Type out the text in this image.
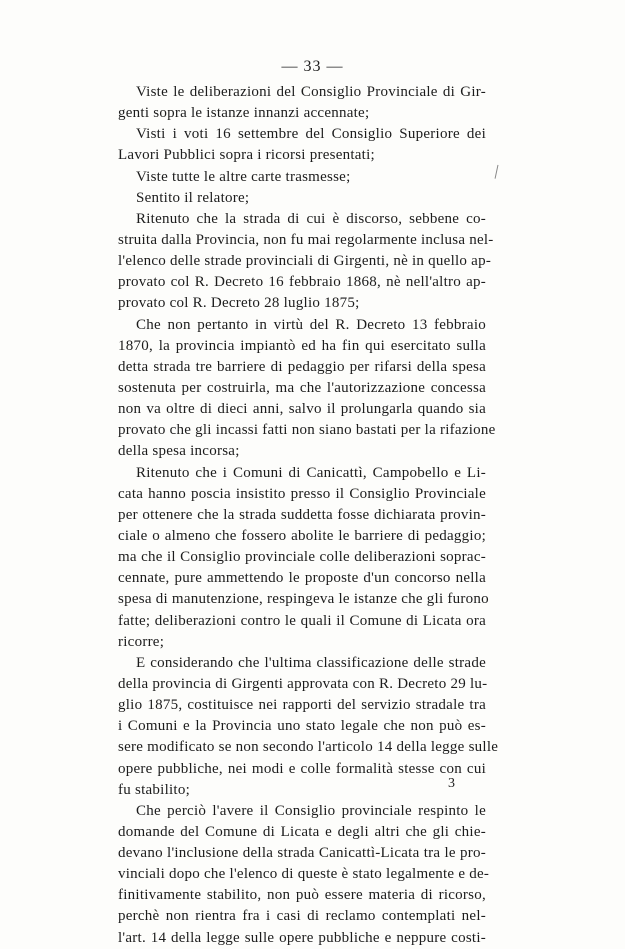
— 33 —
Viste le deliberazioni del Consiglio Provinciale di Gir-
genti sopra le istanze innanzi accennate;
Visti i voti 16 settembre del Consiglio Superiore dei
Lavori Pubblici sopra i ricorsi presentati;
Viste tutte le altre carte trasmesse;
Sentito il relatore;
Ritenuto che la strada di cui è discorso, sebbene co-
struita dalla Provincia, non fu mai regolarmente inclusa nel-
l'elenco delle strade provinciali di Girgenti, nè in quello ap-
provato col R. Decreto 16 febbraio 1868, nè nell'altro ap-
provato col R. Decreto 28 luglio 1875;
Che non pertanto in virtù del R. Decreto 13 febbraio
1870, la provincia impiantò ed ha fin qui esercitato sulla
detta strada tre barriere di pedaggio per rifarsi della spesa
sostenuta per costruirla, ma che l'autorizzazione concessa
non va oltre di dieci anni, salvo il prolungarla quando sia
provato che gli incassi fatti non siano bastati per la rifazione
della spesa incorsa;
Ritenuto che i Comuni di Canicattì, Campobello e Li-
cata hanno poscia insistito presso il Consiglio Provinciale
per ottenere che la strada suddetta fosse dichiarata provin-
ciale o almeno che fossero abolite le barriere di pedaggio;
ma che il Consiglio provinciale colle deliberazioni soprac-
cennate, pure ammettendo le proposte d'un concorso nella
spesa di manutenzione, respingeva le istanze che gli furono
fatte; deliberazioni contro le quali il Comune di Licata ora
ricorre;
E considerando che l'ultima classificazione delle strade
della provincia di Girgenti approvata con R. Decreto 29 lu-
glio 1875, costituisce nei rapporti del servizio stradale tra
i Comuni e la Provincia uno stato legale che non può es-
sere modificato se non secondo l'articolo 14 della legge sulle
opere pubbliche, nei modi e colle formalità stesse con cui
fu stabilito;
Che perciò l'avere il Consiglio provinciale respinto le
domande del Comune di Licata e degli altri che gli chie-
devano l'inclusione della strada Canicattì-Licata tra le pro-
vinciali dopo che l'elenco di queste è stato legalmente e de-
finitivamente stabilito, non può essere materia di ricorso,
perchè non rientra fra i casi di reclamo contemplati nel-
l'art. 14 della legge sulle opere pubbliche e neppure costi-
3
